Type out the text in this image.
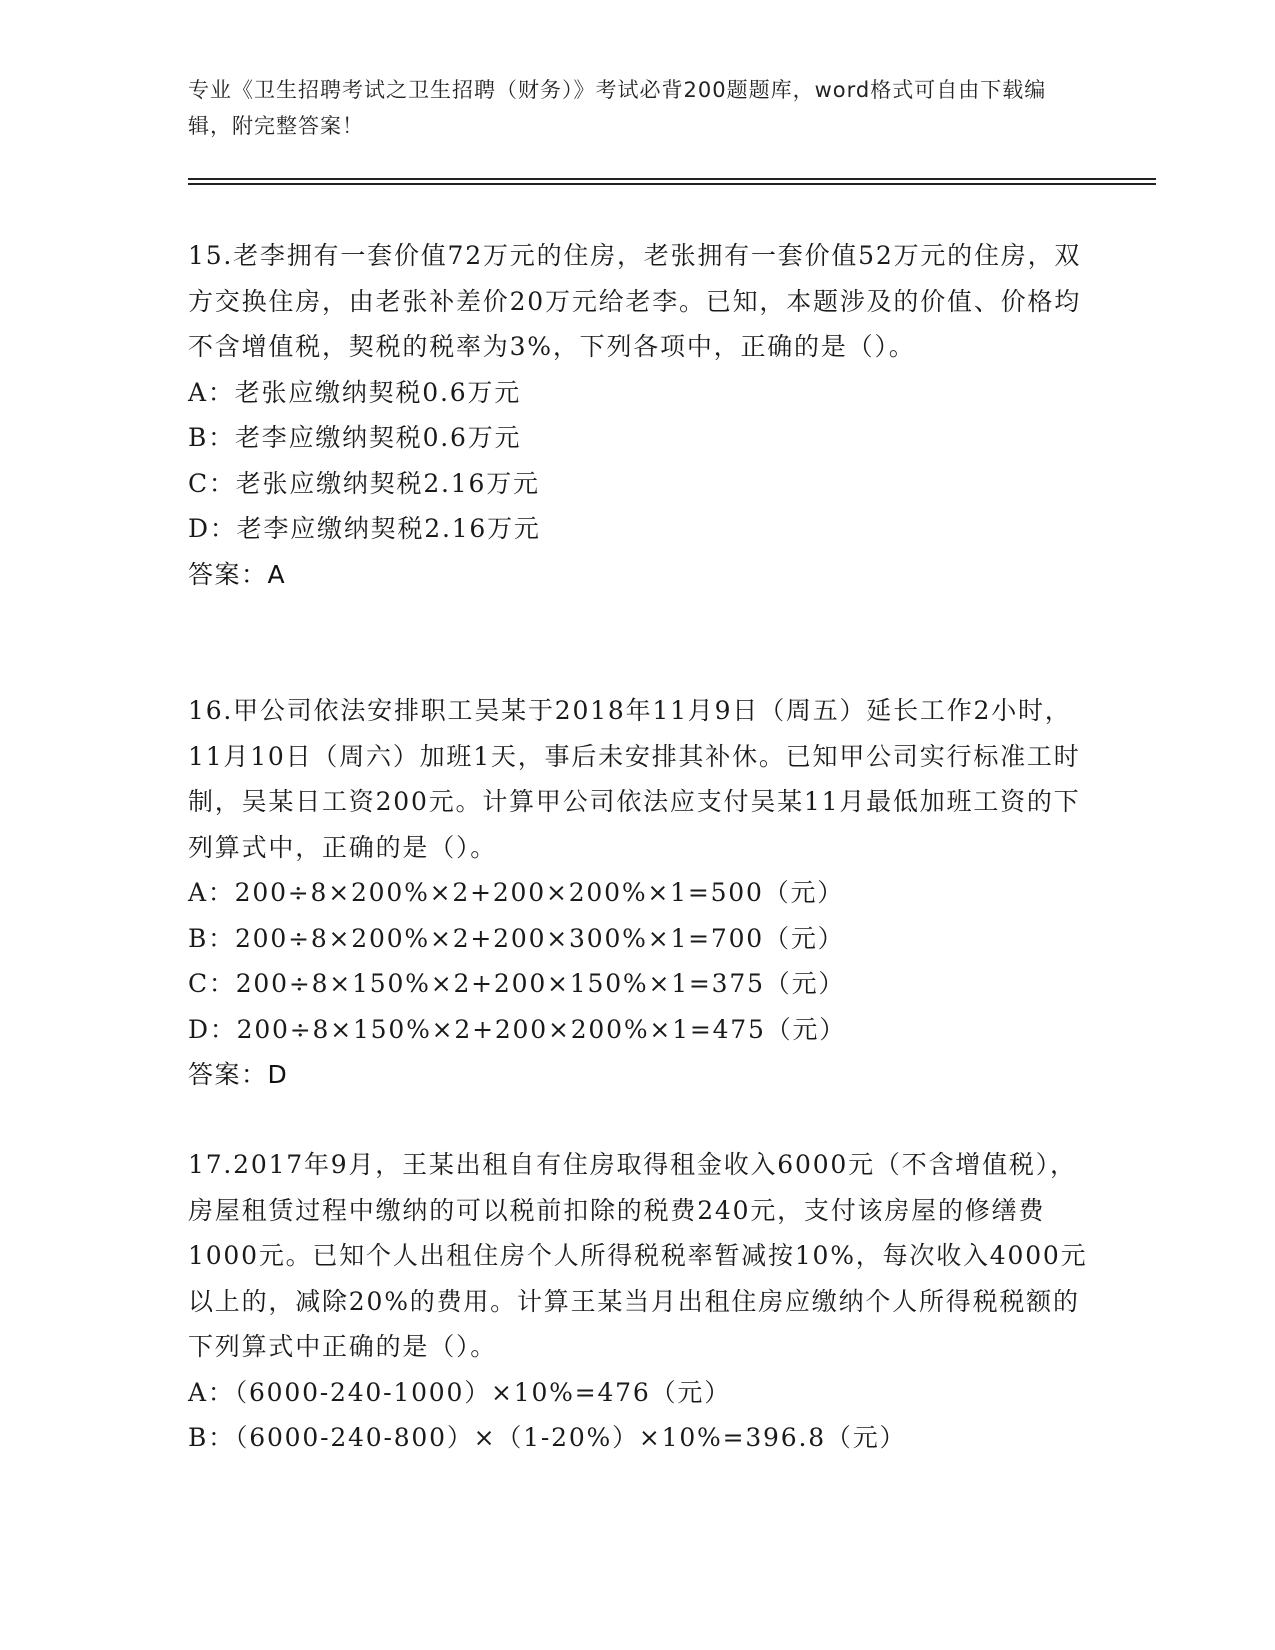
专业《卫生招聘考试之卫生招聘（财务）》考试必背200题题库，word格式可自由下载编辑，附完整答案！
15.老李拥有一套价值72万元的住房，老张拥有一套价值52万元的住房，双方交换住房，由老张补差价20万元给老李。已知，本题涉及的价值、价格均不含增值税，契税的税率为3%，下列各项中，正确的是（）。
A：老张应缴纳契税0.6万元
B：老李应缴纳契税0.6万元
C：老张应缴纳契税2.16万元
D：老李应缴纳契税2.16万元
答案：A
16.甲公司依法安排职工吴某于2018年11月9日（周五）延长工作2小时，11月10日（周六）加班1天，事后未安排其补休。已知甲公司实行标准工时制，吴某日工资200元。计算甲公司依法应支付吴某11月最低加班工资的下列算式中，正确的是（）。
A：200÷8×200%×2+200×200%×1=500（元）
B：200÷8×200%×2+200×300%×1=700（元）
C：200÷8×150%×2+200×150%×1=375（元）
D：200÷8×150%×2+200×200%×1=475（元）
答案：D
17.2017年9月，王某出租自有住房取得租金收入6000元（不含增值税），房屋租赁过程中缴纳的可以税前扣除的税费240元，支付该房屋的修缮费1000元。已知个人出租住房个人所得税税率暂减按10%，每次收入4000元以上的，减除20%的费用。计算王某当月出租住房应缴纳个人所得税税额的下列算式中正确的是（）。
A：（6000-240-1000）×10%=476（元）
B：（6000-240-800）×（1-20%）×10%=396.8（元）
